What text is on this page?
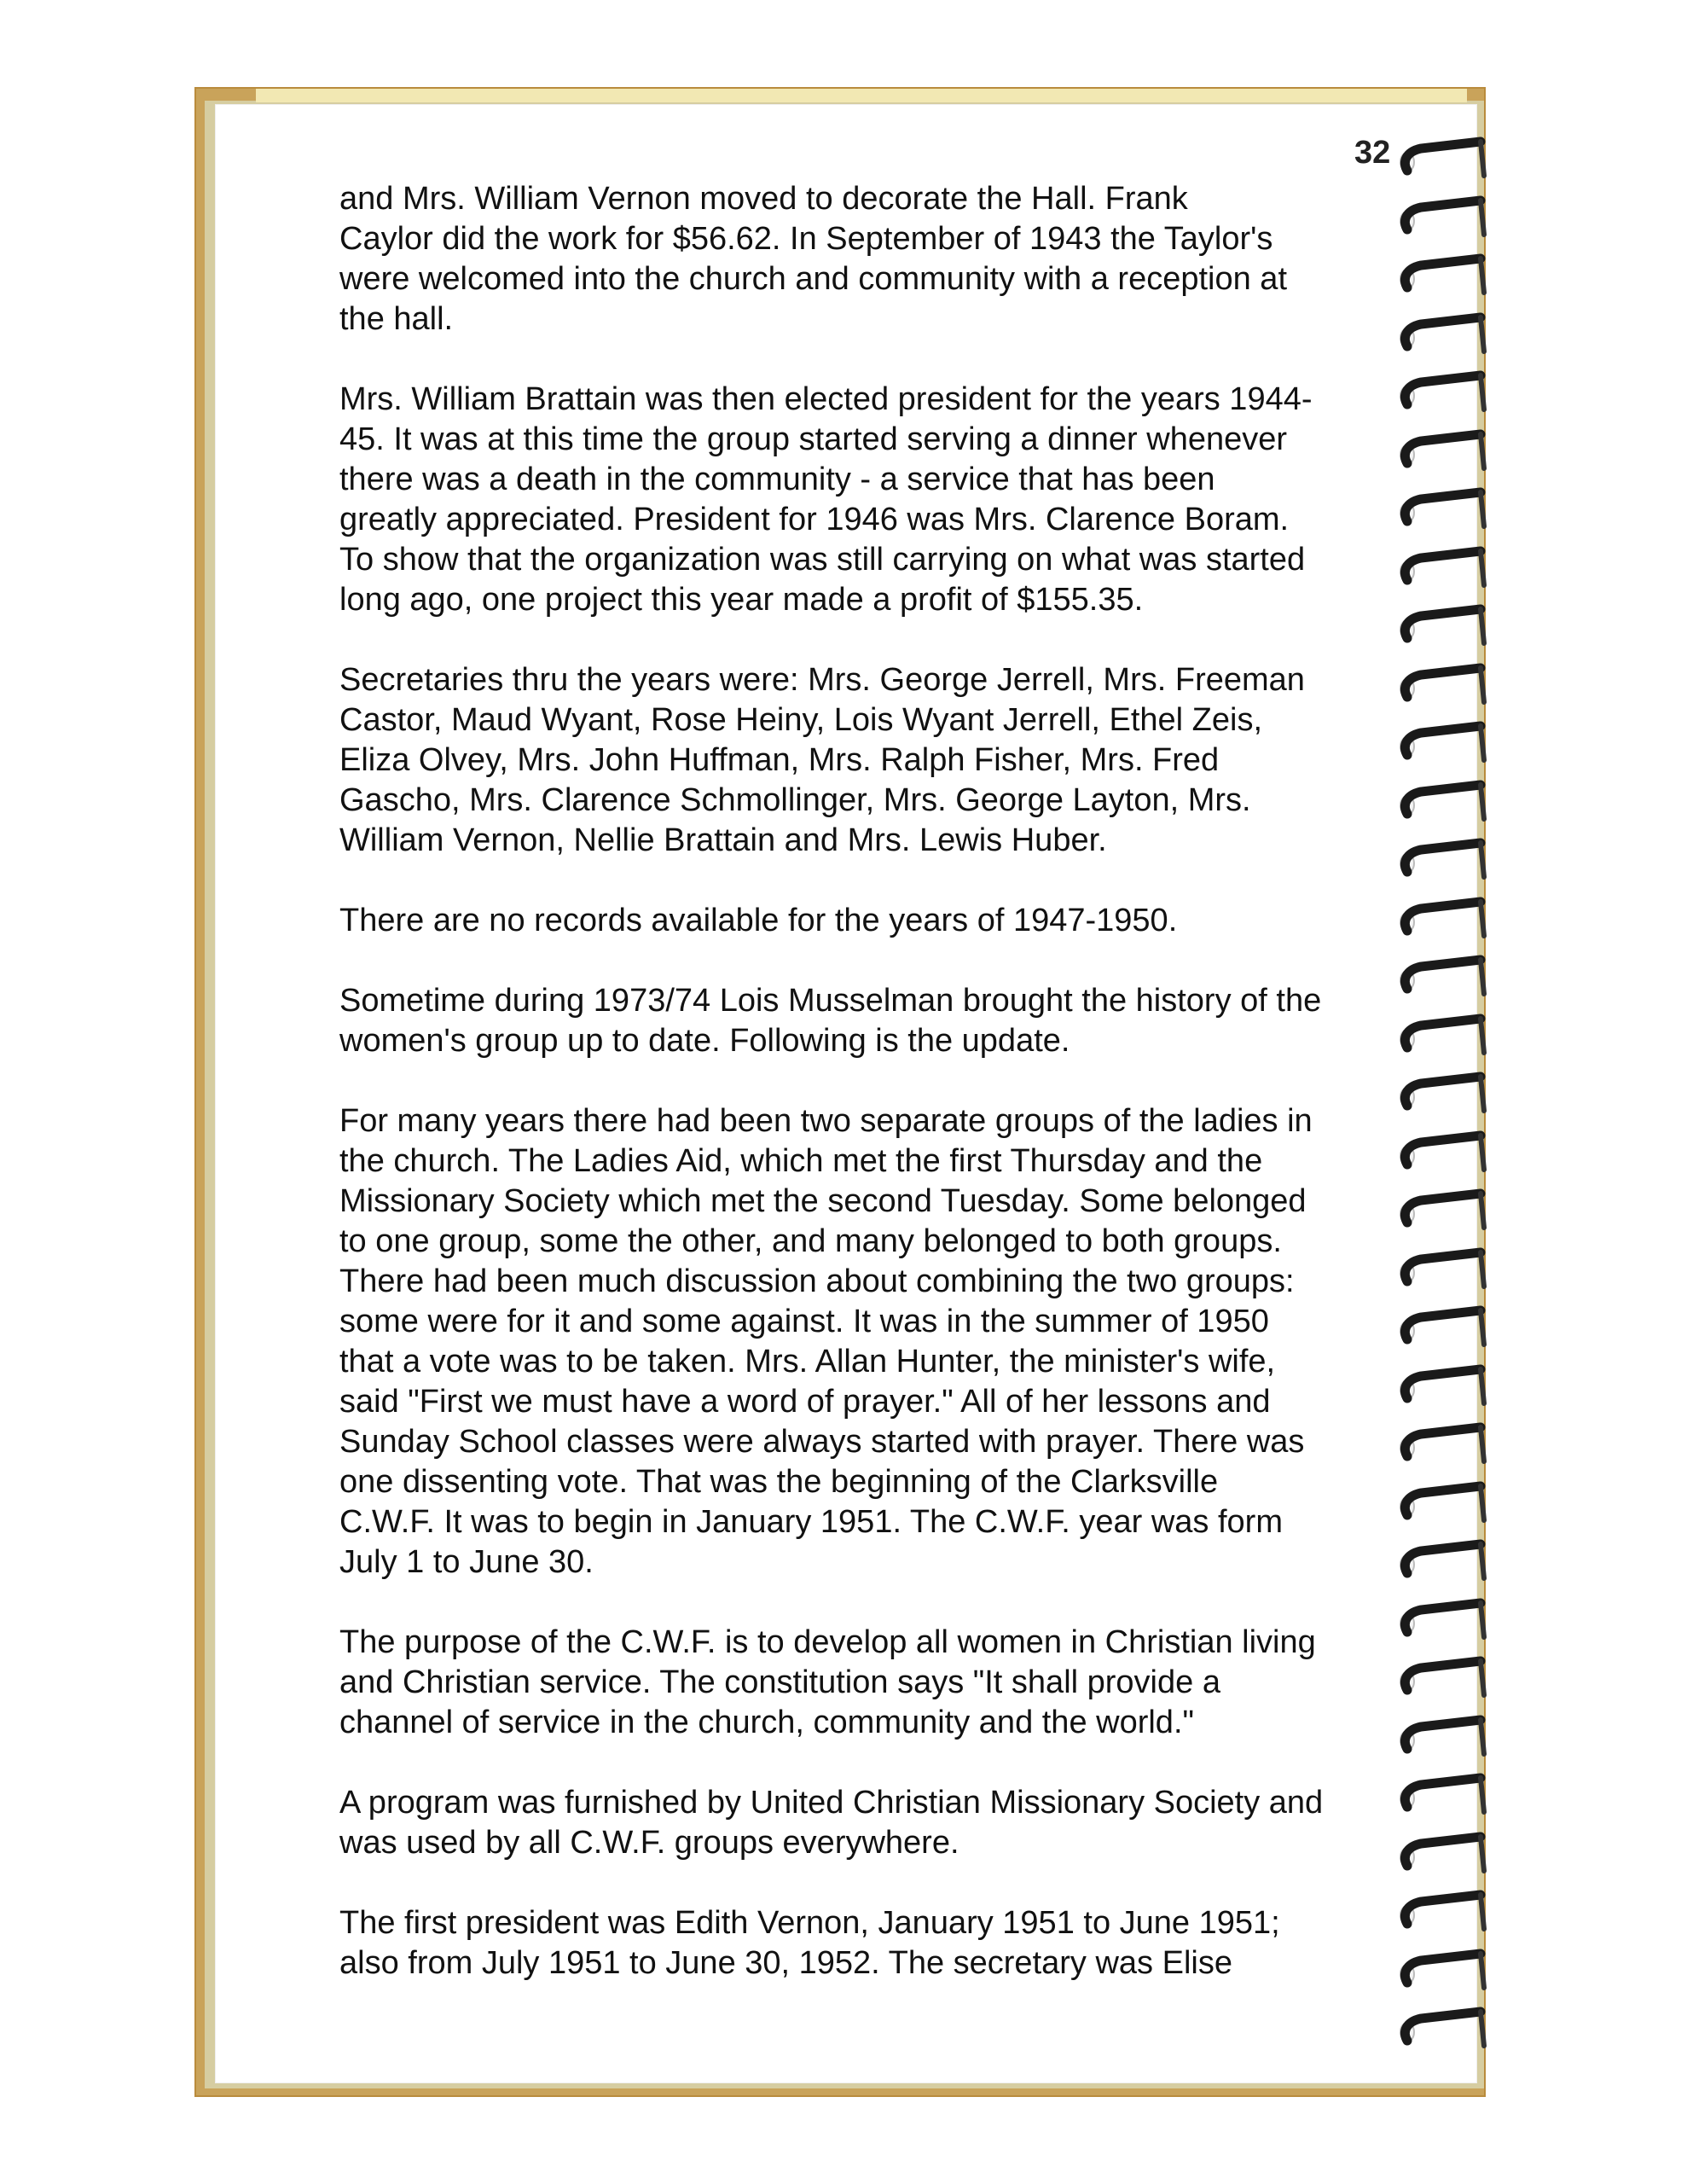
32

and Mrs. William Vernon moved to decorate the Hall. Frank
Caylor did the work for $56.62. In September of 1943 the Taylor's
were welcomed into the church and community with a reception at
the hall.

Mrs. William Brattain was then elected president for the years 1944-
45. It was at this time the group started serving a dinner whenever
there was a death in the community - a service that has been
greatly appreciated. President for 1946 was Mrs. Clarence Boram.
To show that the organization was still carrying on what was started
long ago, one project this year made a profit of $155.35.

Secretaries thru the years were: Mrs. George Jerrell, Mrs. Freeman
Castor, Maud Wyant, Rose Heiny, Lois Wyant Jerrell, Ethel Zeis,
Eliza Olvey, Mrs. John Huffman, Mrs. Ralph Fisher, Mrs. Fred
Gascho, Mrs. Clarence Schmollinger, Mrs. George Layton, Mrs.
William Vernon, Nellie Brattain and Mrs. Lewis Huber.

There are no records available for the years of 1947-1950.

Sometime during 1973/74 Lois Musselman brought the history of the
women's group up to date. Following is the update.

For many years there had been two separate groups of the ladies in
the church. The Ladies Aid, which met the first Thursday and the
Missionary Society which met the second Tuesday. Some belonged
to one group, some the other, and many belonged to both groups.
There had been much discussion about combining the two groups:
some were for it and some against. It was in the summer of 1950
that a vote was to be taken. Mrs. Allan Hunter, the minister's wife,
said "First we must have a word of prayer." All of her lessons and
Sunday School classes were always started with prayer. There was
one dissenting vote. That was the beginning of the Clarksville
C.W.F. It was to begin in January 1951. The C.W.F. year was form
July 1 to June 30.

The purpose of the C.W.F. is to develop all women in Christian living
and Christian service. The constitution says "It shall provide a
channel of service in the church, community and the world."

A program was furnished by United Christian Missionary Society and
was used by all C.W.F. groups everywhere.

The first president was Edith Vernon, January 1951 to June 1951;
also from July 1951 to June 30, 1952. The secretary was Elise
